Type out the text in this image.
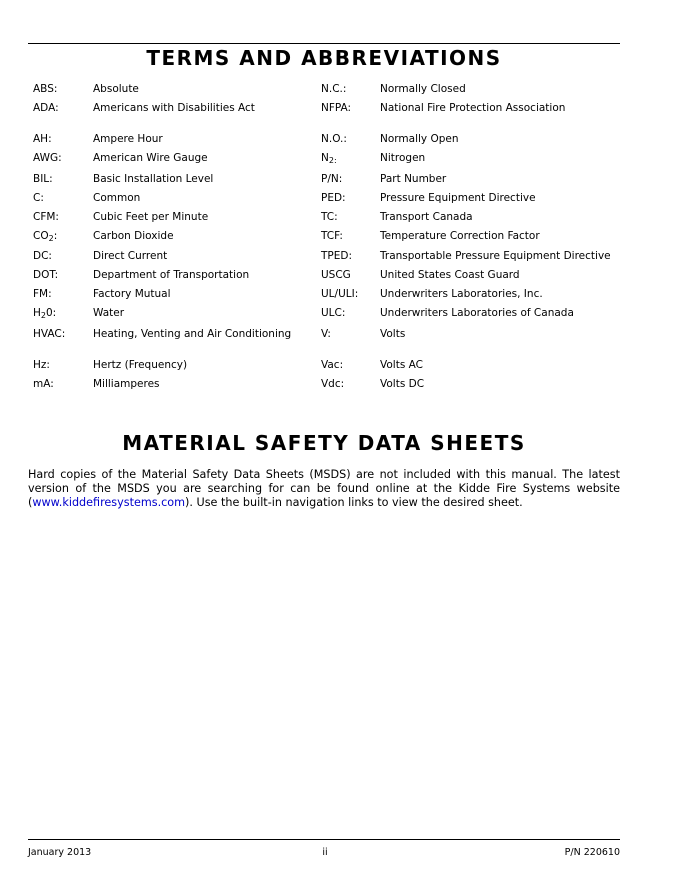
TERMS AND ABBREVIATIONS
ABS:	Absolute	N.C.:	Normally Closed
ADA:	Americans with Disabilities Act	NFPA:	National Fire Protection Association
AH:	Ampere Hour	N.O.:	Normally Open
AWG:	American Wire Gauge	$N_{2:}$	Nitrogen
BIL:	Basic Installation Level	P/N:	Part Number
C:	Common	PED:	Pressure Equipment Directive
CFM:	Cubic Feet per Minute	TC:	Transport Canada
$CO_2$:	Carbon Dioxide	TCF:	Temperature Correction Factor
DC:	Direct Current	TPED:	Transportable Pressure Equipment Directive
DOT:	Department of Transportation	USCG	United States Coast Guard
FM:	Factory Mutual	UL/ULI:	Underwriters Laboratories, Inc.
$H_20$:	Water	ULC:	Underwriters Laboratories of Canada
HVAC:	Heating, Venting and Air Conditioning	V:	Volts
Hz:	Hertz (Frequency)	Vac:	Volts AC
mA:	Milliamperes	Vdc:	Volts DC
MATERIAL SAFETY DATA SHEETS

Hard copies of the Material Safety Data Sheets (MSDS) are not included with this manual. The latest version of the MSDS you are searching for can be found online at the Kidde Fire Systems website (www.kiddefiresystems.com). Use the built-in navigation links to view the desired sheet.

January 2013	ii	P/N 220610
